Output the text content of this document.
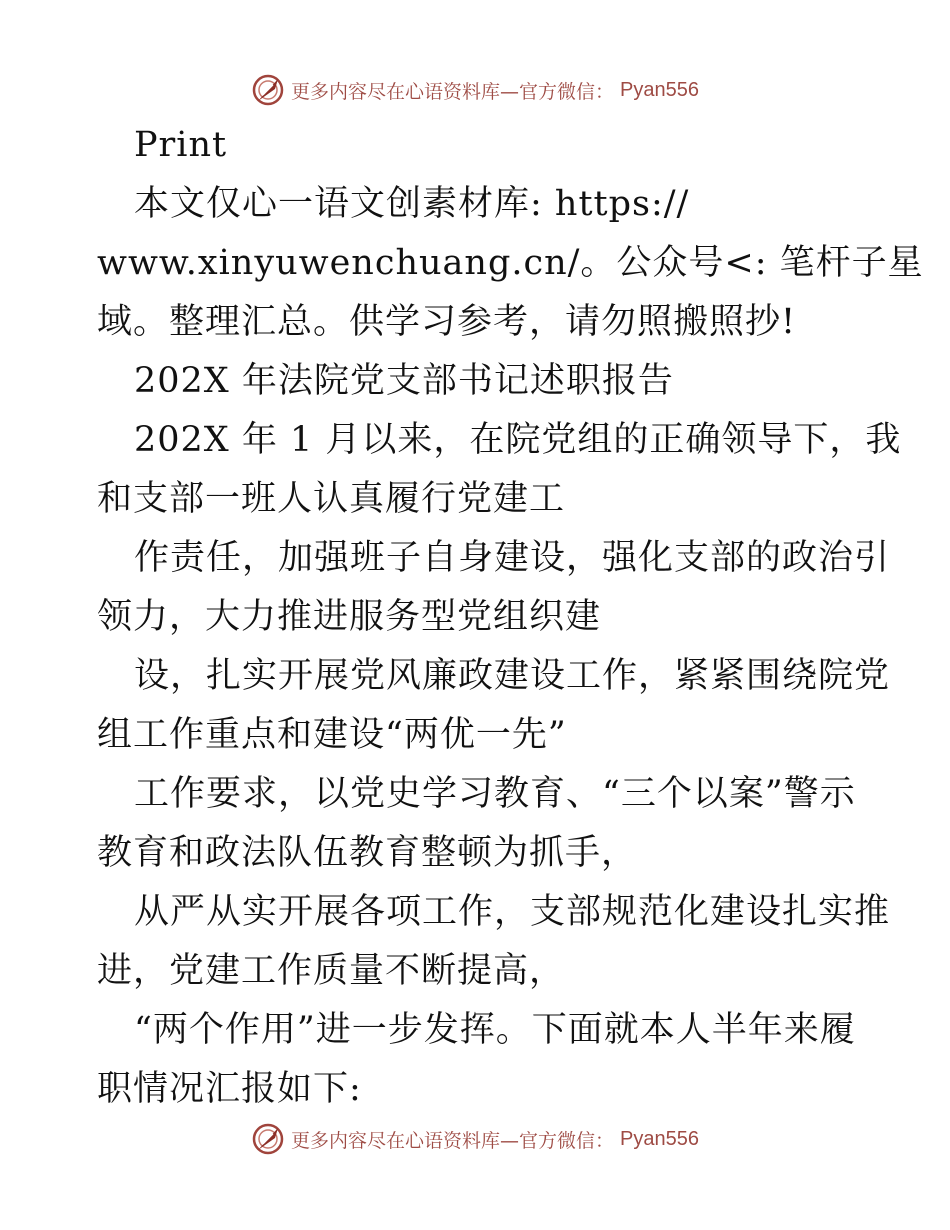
更多内容尽在心语资料库—官方微信： Pyan556
Print
本文仅心一语文创素材库: https://
www.xinyuwenchuang.cn/。公众号<: 笔杆子星
域。整理汇总。供学习参考，请勿照搬照抄!
202X 年法院党支部书记述职报告
202X 年 1 月以来，在院党组的正确领导下，我
和支部一班人认真履行党建工
作责任，加强班子自身建设，强化支部的政治引
领力，大力推进服务型党组织建
设，扎实开展党风廉政建设工作，紧紧围绕院党
组工作重点和建设“两优一先”
工作要求，以党史学习教育、“三个以案”警示
教育和政法队伍教育整顿为抓手，
从严从实开展各项工作，支部规范化建设扎实推
进，党建工作质量不断提高，
“两个作用”进一步发挥。下面就本人半年来履
职情况汇报如下:
更多内容尽在心语资料库—官方微信： Pyan556
